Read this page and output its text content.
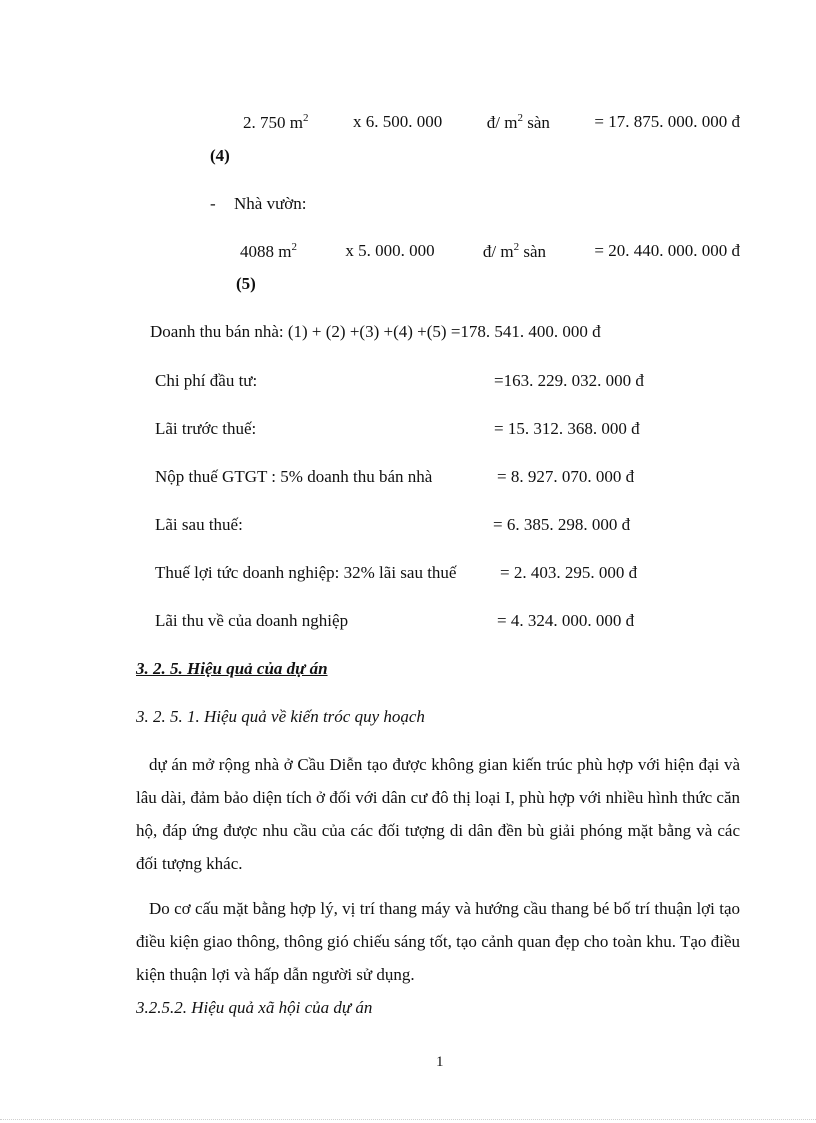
2. 750 $m^2$	x 6. 500. 000	đ/ $m^2$ sàn	= 17. 875. 000. 000 đ
(4)
- Nhà vườn:
4088 $m^2$	x 5. 000. 000	đ/ $m^2$ sàn	= 20. 440. 000. 000 đ
(5)
Doanh thu bán nhà: (1) + (2) +(3) +(4) +(5) =178. 541. 400. 000 đ
Chi phí đầu tư:	=163. 229. 032. 000 đ
Lãi trước thuế:	= 15. 312. 368. 000 đ
Nộp thuế GTGT : 5% doanh thu bán nhà	= 8. 927. 070. 000 đ
Lãi sau thuế:	= 6. 385. 298. 000 đ
Thuế lợi tức doanh nghiệp: 32% lãi sau thuế	= 2. 403. 295. 000 đ
Lãi thu về của doanh nghiệp	= 4. 324. 000. 000 đ
3. 2. 5. Hiệu quả của dự án
3. 2. 5. 1. Hiệu quả về kiến tróc quy hoạch
dự án mở rộng nhà ở Cầu Diễn tạo được không gian kiến trúc phù hợp với hiện đại và lâu dài, đảm bảo diện tích ở đối với dân cư đô thị loại I, phù hợp với nhiều hình thức căn hộ, đáp ứng được nhu cầu của các đối tượng di dân đền bù giải phóng mặt bằng và các đối tượng khác.
Do cơ cấu mặt bằng hợp lý, vị trí thang máy và hướng cầu thang bé bố trí thuận lợi tạo điều kiện giao thông, thông gió chiếu sáng tốt, tạo cảnh quan đẹp cho toàn khu. Tạo điều kiện thuận lợi và hấp dẫn người sử dụng.
3.2.5.2. Hiệu quả xã hội của dự án
1
